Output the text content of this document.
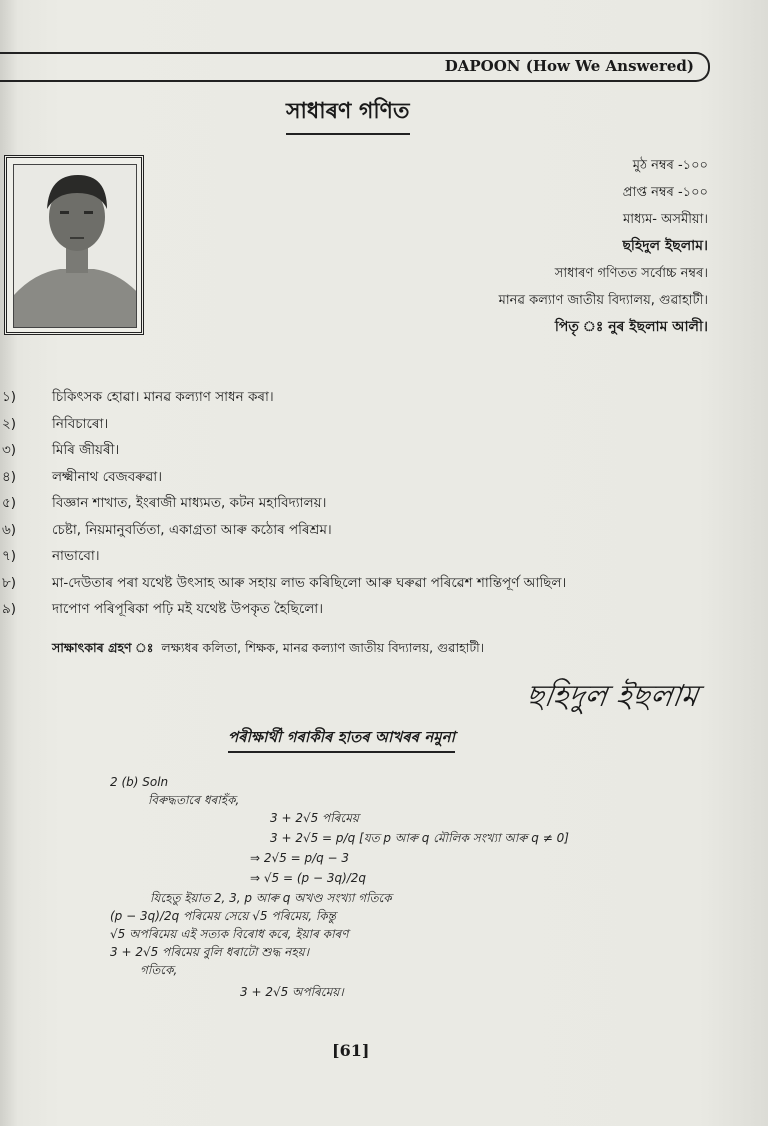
DAPOON (How We Answered)
সাধাৰণ গণিত
মুঠ নম্বৰ -১০০
প্ৰাপ্ত নম্বৰ -১০০
মাধ্যম- অসমীয়া।
ছহিদুল ইছলাম।
সাধাৰণ গণিতত সৰ্বোচ্চ নম্বৰ।
মানৱ কল্যাণ জাতীয় বিদ্যালয়, গুৱাহাটী।
পিতৃ ঃ নুৰ ইছলাম আলী।
১)	চিকিৎসক হোৱা। মানৱ কল্যাণ সাধন কৰা।
২)	নিবিচাৰো।
৩)	মিৰি জীয়ৰী।
৪)	লক্ষ্মীনাথ বেজবৰুৱা।
৫)	বিজ্ঞান শাখাত, ইংৰাজী মাধ্যমত, কটন মহাবিদ্যালয়।
৬)	চেষ্টা, নিয়মানুবৰ্তিতা, একাগ্ৰতা আৰু কঠোৰ পৰিশ্ৰম।
৭)	নাভাবো।
৮)	মা-দেউতাৰ পৰা যথেষ্ট উৎসাহ আৰু সহায় লাভ কৰিছিলো আৰু ঘৰুৱা পৰিৱেশ শান্তিপূৰ্ণ আছিল।
৯)	দাপোণ পৰিপূৰিকা পঢ়ি মই যথেষ্ট উপকৃত হৈছিলো।
সাক্ষাৎকাৰ গ্ৰহণ ঃ লক্ষ্যধৰ কলিতা, শিক্ষক, মানৱ কল্যাণ জাতীয় বিদ্যালয়, গুৱাহাটী।
ছহিদুল ইছলাম
পৰীক্ষাৰ্থী গৰাকীৰ হাতৰ আখৰৰ নমুনা
2 (b) Soln
বিৰুদ্ধতাৰে ধৰাহঁক,
3 + 2√5 পৰিমেয়
3 + 2√5 = p/q [যত p আৰু q মৌলিক সংখ্যা আৰু q ≠ 0]
⇒ 2√5 = p/q − 3
⇒ √5 = (p − 3q)/2q
যিহেতু ইয়াত 2, 3, p আৰু q অখণ্ড সংখ্যা গতিকে
(p − 3q)/2q পৰিমেয় সেয়ে √5 পৰিমেয়, কিন্তু
√5 অপৰিমেয় এই সত্যক বিৰোধ কৰে, ইয়াৰ কাৰণ
3 + 2√5 পৰিমেয় বুলি ধৰাটো শুদ্ধ নহয়।
গতিকে,
3 + 2√5 অপৰিমেয়।
[61]
